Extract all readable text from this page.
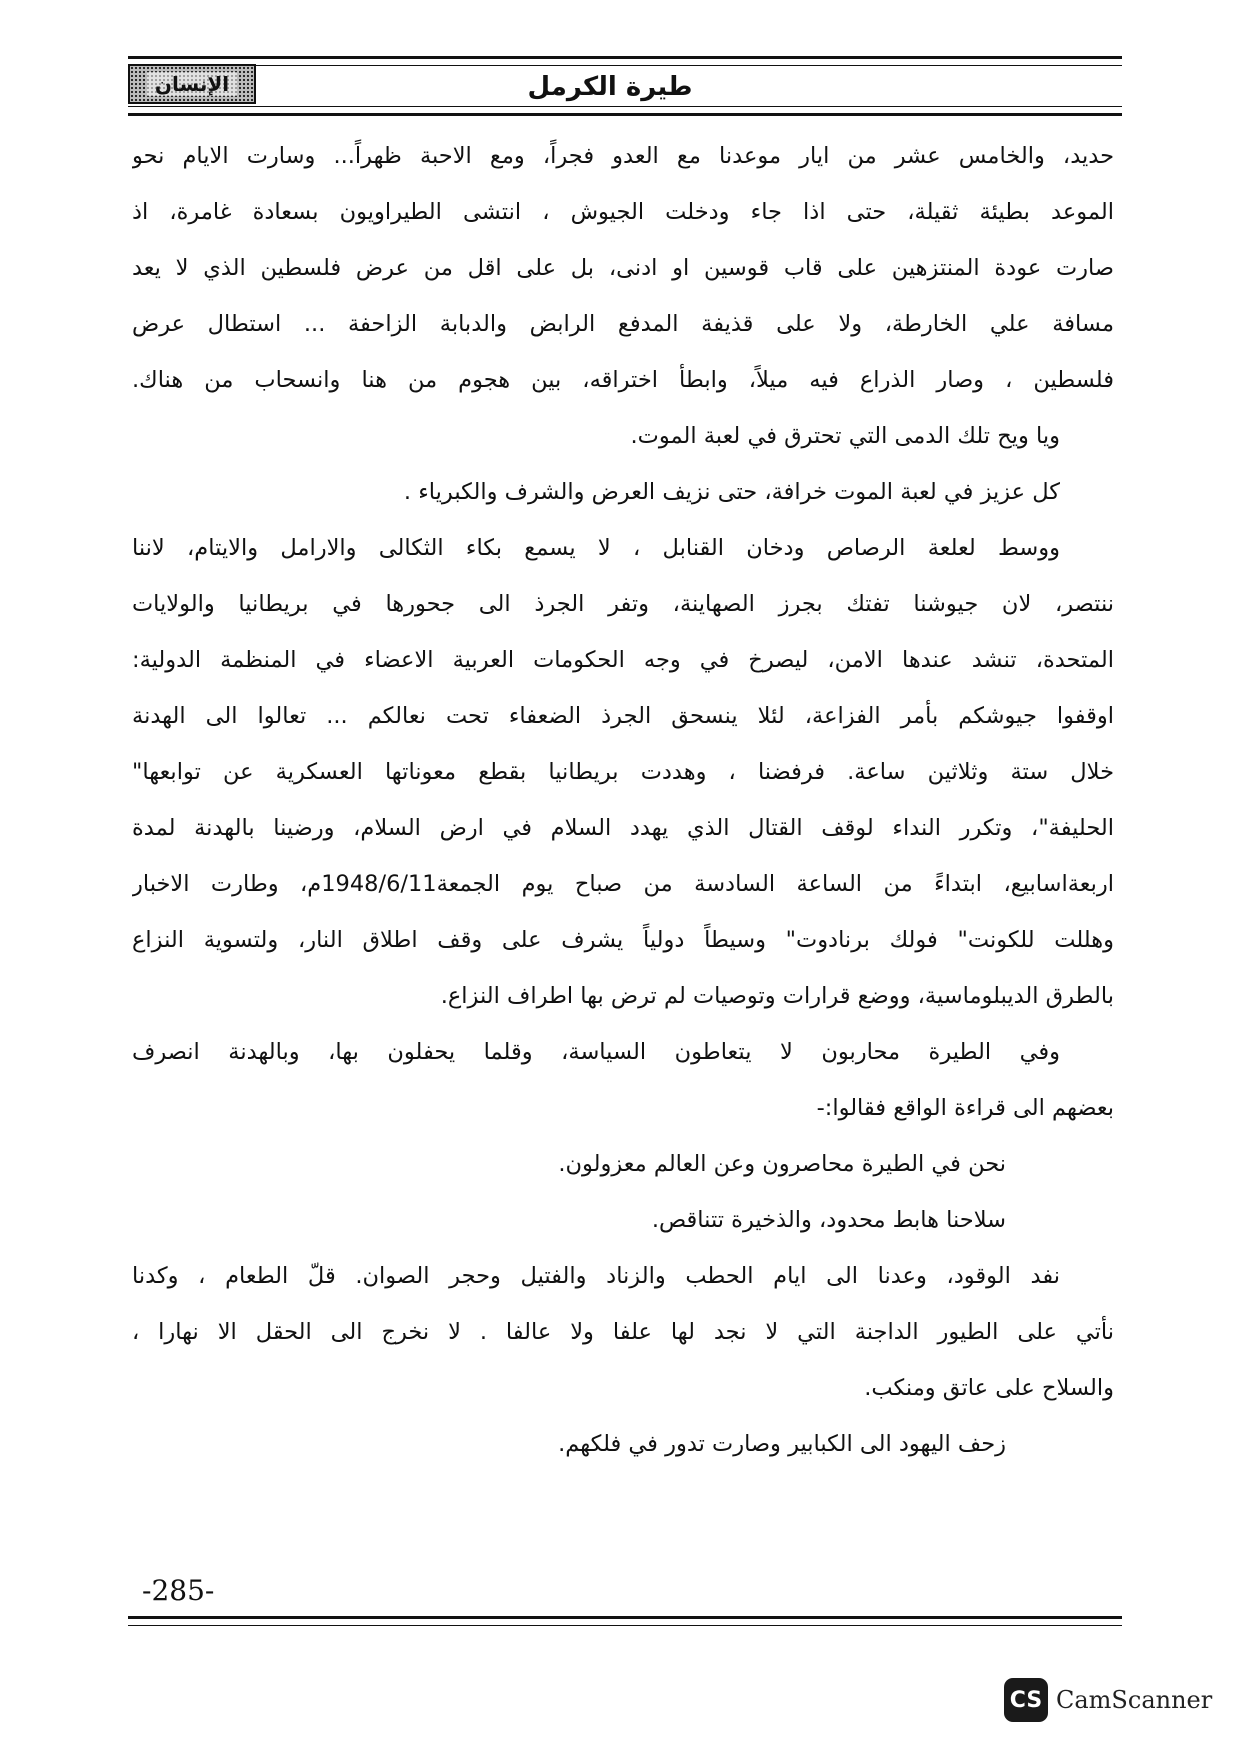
الإنسان	طيرة الكرمل
حديد، والخامس عشر من ايار موعدنا مع العدو فجراً، ومع الاحبة ظهراً... وسارت الايام نحو
الموعد بطيئة ثقيلة، حتى اذا جاء ودخلت الجيوش ، انتشى الطيراويون بسعادة غامرة، اذ
صارت عودة المنتزهين على قاب قوسين او ادنى، بل على اقل من عرض فلسطين الذي لا يعد
مسافة علي الخارطة، ولا على قذيفة المدفع الرابض والدبابة الزاحفة ... استطال عرض
فلسطين ، وصار الذراع فيه ميلاً، وابطأ اختراقه، بين هجوم من هنا وانسحاب من هناك.
ويا ويح تلك الدمى التي تحترق في لعبة الموت.
كل عزيز في لعبة الموت خرافة، حتى نزيف العرض والشرف والكبرياء .
ووسط لعلعة الرصاص ودخان القنابل ، لا يسمع بكاء الثكالى والارامل والايتام، لاننا
ننتصر، لان جيوشنا تفتك بجرز الصهاينة، وتفر الجرذ الى جحورها في بريطانيا والولايات
المتحدة، تنشد عندها الامن، ليصرخ في وجه الحكومات العربية الاعضاء في المنظمة الدولية:
اوقفوا جيوشكم بأمر الفزاعة، لئلا ينسحق الجرذ الضعفاء تحت نعالكم ... تعالوا الى الهدنة
خلال ستة وثلاثين ساعة. فرفضنا ، وهددت بريطانيا بقطع معوناتها العسكرية عن توابعها"
الحليفة"، وتكرر النداء لوقف القتال الذي يهدد السلام في ارض السلام، ورضينا بالهدنة لمدة
اربعةاسابيع، ابتداءً من الساعة السادسة من صباح يوم الجمعة1948/6/11م، وطارت الاخبار
وهللت للكونت" فولك برنادوت" وسيطاً دولياً يشرف على وقف اطلاق النار، ولتسوية النزاع
بالطرق الديبلوماسية، ووضع قرارات وتوصيات لم ترض بها اطراف النزاع.
وفي الطيرة محاربون لا يتعاطون السياسة، وقلما يحفلون بها، وبالهدنة انصرف
بعضهم الى قراءة الواقع فقالوا:-
نحن في الطيرة محاصرون وعن العالم معزولون.
سلاحنا هابط محدود، والذخيرة تتناقص.
نفد الوقود، وعدنا الى ايام الحطب والزناد والفتيل وحجر الصوان. قلّ الطعام ، وكدنا
نأتي على الطيور الداجنة التي لا نجد لها علفا ولا عالفا . لا نخرج الى الحقل الا نهارا ،
والسلاح على عاتق ومنكب.
زحف اليهود الى الكبابير وصارت تدور في فلكهم.
-285-
CS CamScanner
